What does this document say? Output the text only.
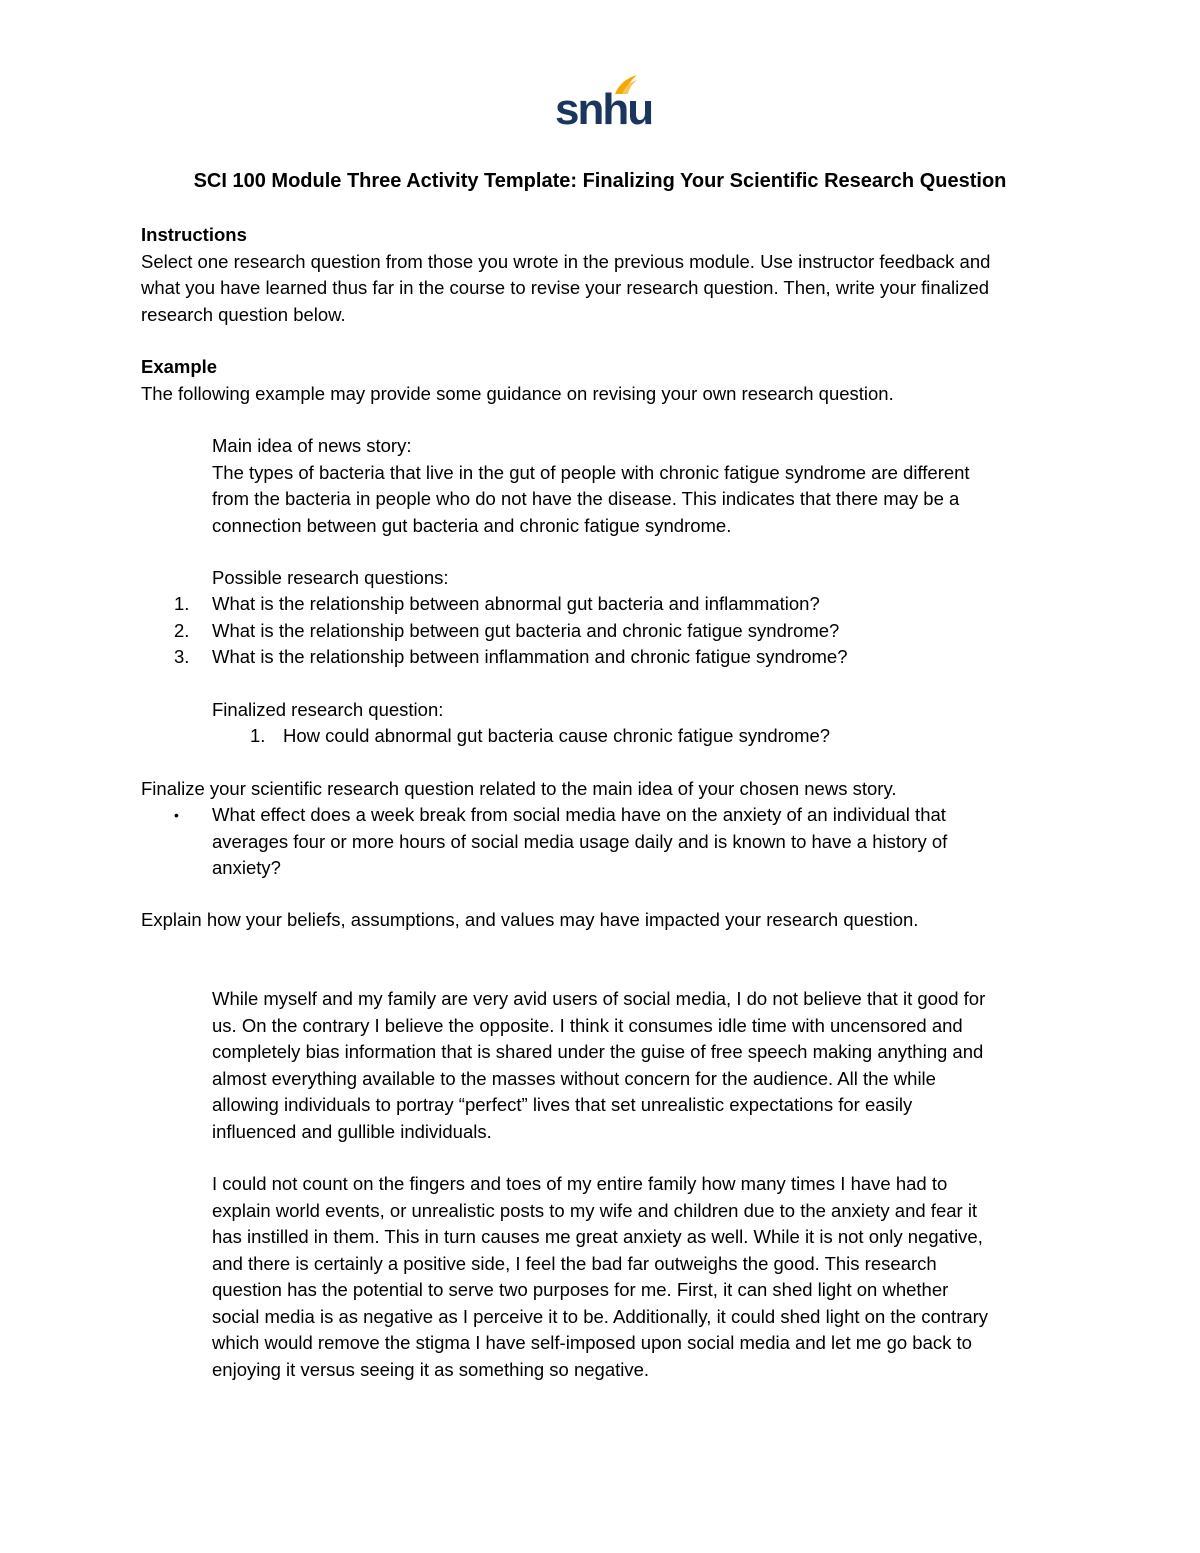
snhu
SCI 100 Module Three Activity Template: Finalizing Your Scientific Research Question
Instructions
Select one research question from those you wrote in the previous module. Use instructor feedback and
what you have learned thus far in the course to revise your research question. Then, write your finalized
research question below.
Example
The following example may provide some guidance on revising your own research question.
Main idea of news story:
The types of bacteria that live in the gut of people with chronic fatigue syndrome are different
from the bacteria in people who do not have the disease. This indicates that there may be a
connection between gut bacteria and chronic fatigue syndrome.
Possible research questions:
1. What is the relationship between abnormal gut bacteria and inflammation?
2. What is the relationship between gut bacteria and chronic fatigue syndrome?
3. What is the relationship between inflammation and chronic fatigue syndrome?
Finalized research question:
1. How could abnormal gut bacteria cause chronic fatigue syndrome?
Finalize your scientific research question related to the main idea of your chosen news story.
• What effect does a week break from social media have on the anxiety of an individual that
averages four or more hours of social media usage daily and is known to have a history of
anxiety?
Explain how your beliefs, assumptions, and values may have impacted your research question.
While myself and my family are very avid users of social media, I do not believe that it good for
us. On the contrary I believe the opposite. I think it consumes idle time with uncensored and
completely bias information that is shared under the guise of free speech making anything and
almost everything available to the masses without concern for the audience. All the while
allowing individuals to portray “perfect” lives that set unrealistic expectations for easily
influenced and gullible individuals.
I could not count on the fingers and toes of my entire family how many times I have had to
explain world events, or unrealistic posts to my wife and children due to the anxiety and fear it
has instilled in them. This in turn causes me great anxiety as well. While it is not only negative,
and there is certainly a positive side, I feel the bad far outweighs the good. This research
question has the potential to serve two purposes for me. First, it can shed light on whether
social media is as negative as I perceive it to be. Additionally, it could shed light on the contrary
which would remove the stigma I have self-imposed upon social media and let me go back to
enjoying it versus seeing it as something so negative.
